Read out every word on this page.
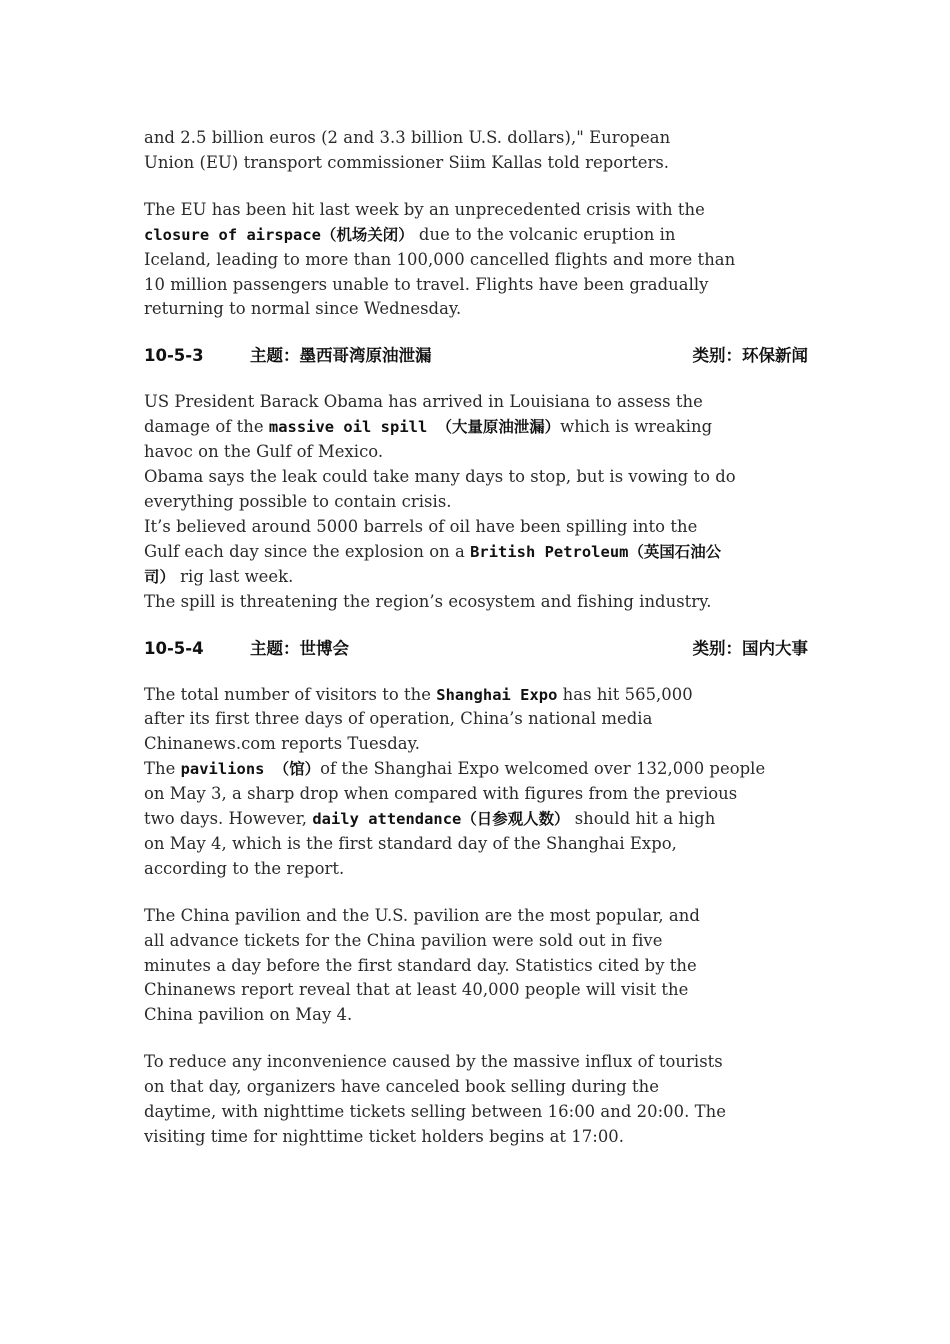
and 2.5 billion euros (2 and 3.3 billion U.S. dollars)," European
Union (EU) transport commissioner Siim Kallas told reporters.

The EU has been hit last week by an unprecedented crisis with the
closure of airspace（机场关闭） due to the volcanic eruption in
Iceland, leading to more than 100,000 cancelled flights and more than
10 million passengers unable to travel. Flights have been gradually
returning to normal since Wednesday.

10-5-3	主题：墨西哥湾原油泄漏	类别：环保新闻

US President Barack Obama has arrived in Louisiana to assess the
damage of the massive oil spill （大量原油泄漏）which is wreaking
havoc on the Gulf of Mexico.

Obama says the leak could take many days to stop, but is vowing to do
everything possible to contain crisis.

It’s believed around 5000 barrels of oil have been spilling into the
Gulf each day since the explosion on a British Petroleum（英国石油公
司） rig last week.

The spill is threatening the region’s ecosystem and fishing industry.

10-5-4	主题：世博会	类别：国内大事

The total number of visitors to the Shanghai Expo has hit 565,000
after its first three days of operation, China’s national media
Chinanews.com reports Tuesday.

The pavilions （馆）of the Shanghai Expo welcomed over 132,000 people
on May 3, a sharp drop when compared with figures from the previous
two days. However, daily attendance（日参观人数） should hit a high
on May 4, which is the first standard day of the Shanghai Expo,
according to the report.

The China pavilion and the U.S. pavilion are the most popular, and
all advance tickets for the China pavilion were sold out in five
minutes a day before the first standard day. Statistics cited by the
Chinanews report reveal that at least 40,000 people will visit the
China pavilion on May 4.

To reduce any inconvenience caused by the massive influx of tourists
on that day, organizers have canceled book selling during the
daytime, with nighttime tickets selling between 16:00 and 20:00. The
visiting time for nighttime ticket holders begins at 17:00.
